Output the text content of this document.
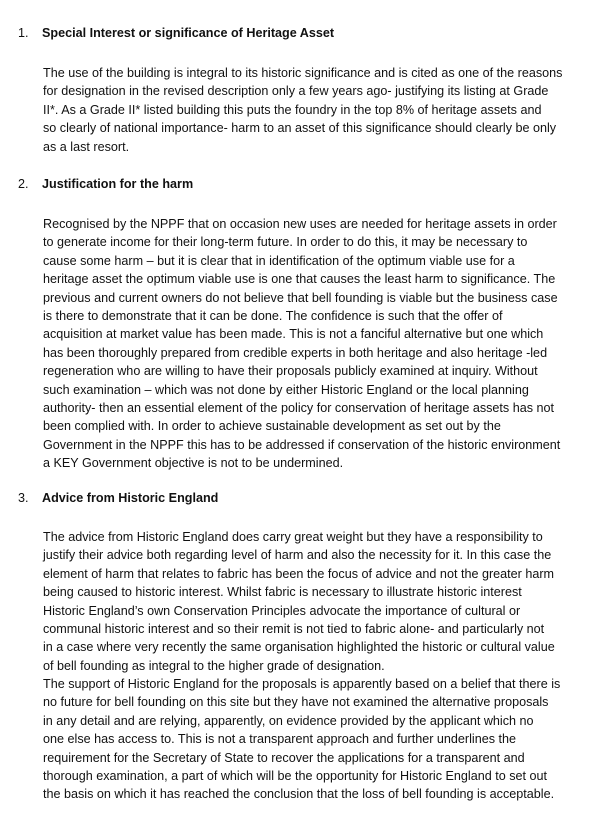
1. Special Interest or significance of Heritage Asset

The use of the building is integral to its historic significance and is cited as one of the reasons
for designation in the revised description only a few years ago- justifying its listing at Grade
II*. As a Grade II* listed building this puts the foundry in the top 8% of heritage assets and
so clearly of national importance- harm to an asset of this significance should clearly be only
as a last resort.

2. Justification for the harm

Recognised by the NPPF that on occasion new uses are needed for heritage assets in order
to generate income for their long-term future. In order to do this, it may be necessary to
cause some harm – but it is clear that in identification of the optimum viable use for a
heritage asset the optimum viable use is one that causes the least harm to significance. The
previous and current owners do not believe that bell founding is viable but the business case
is there to demonstrate that it can be done. The confidence is such that the offer of
acquisition at market value has been made. This is not a fanciful alternative but one which
has been thoroughly prepared from credible experts in both heritage and also heritage -led
regeneration who are willing to have their proposals publicly examined at inquiry. Without
such examination – which was not done by either Historic England or the local planning
authority- then an essential element of the policy for conservation of heritage assets has not
been complied with. In order to achieve sustainable development as set out by the
Government in the NPPF this has to be addressed if conservation of the historic environment
a KEY Government objective is not to be undermined.

3. Advice from Historic England

The advice from Historic England does carry great weight but they have a responsibility to
justify their advice both regarding level of harm and also the necessity for it. In this case the
element of harm that relates to fabric has been the focus of advice and not the greater harm
being caused to historic interest. Whilst fabric is necessary to illustrate historic interest
Historic England’s own Conservation Principles advocate the importance of cultural or
communal historic interest and so their remit is not tied to fabric alone- and particularly not
in a case where very recently the same organisation highlighted the historic or cultural value
of bell founding as integral to the higher grade of designation.

The support of Historic England for the proposals is apparently based on a belief that there is
no future for bell founding on this site but they have not examined the alternative proposals
in any detail and are relying, apparently, on evidence provided by the applicant which no
one else has access to. This is not a transparent approach and further underlines the
requirement for the Secretary of State to recover the applications for a transparent and
thorough examination, a part of which will be the opportunity for Historic England to set out
the basis on which it has reached the conclusion that the loss of bell founding is acceptable.
